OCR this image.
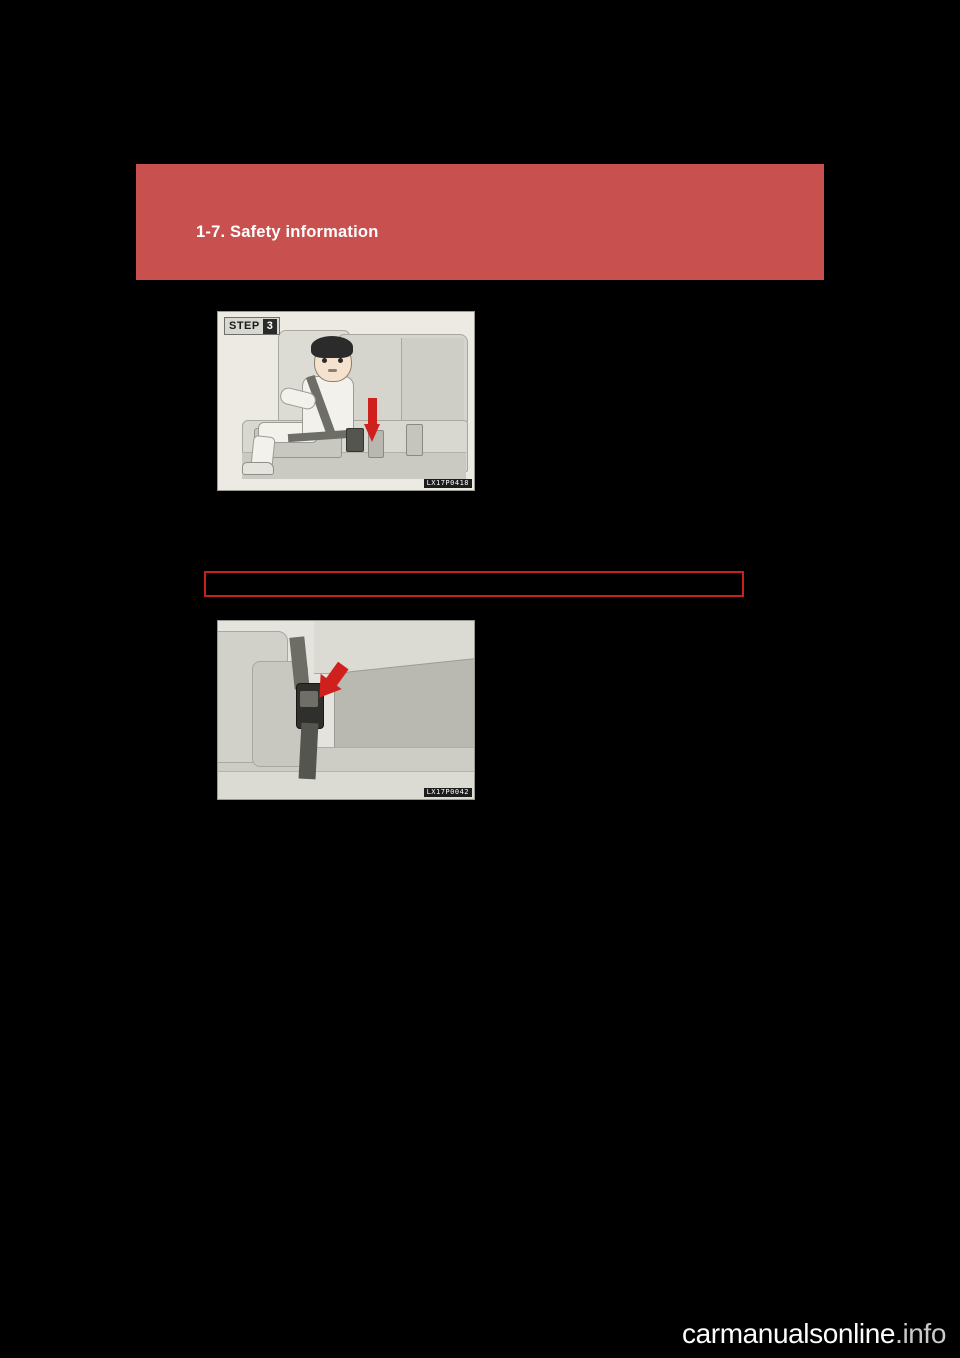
1-7. Safety information
STEP 3
LX17P0418
LX17P0042
carmanualsonline.info
